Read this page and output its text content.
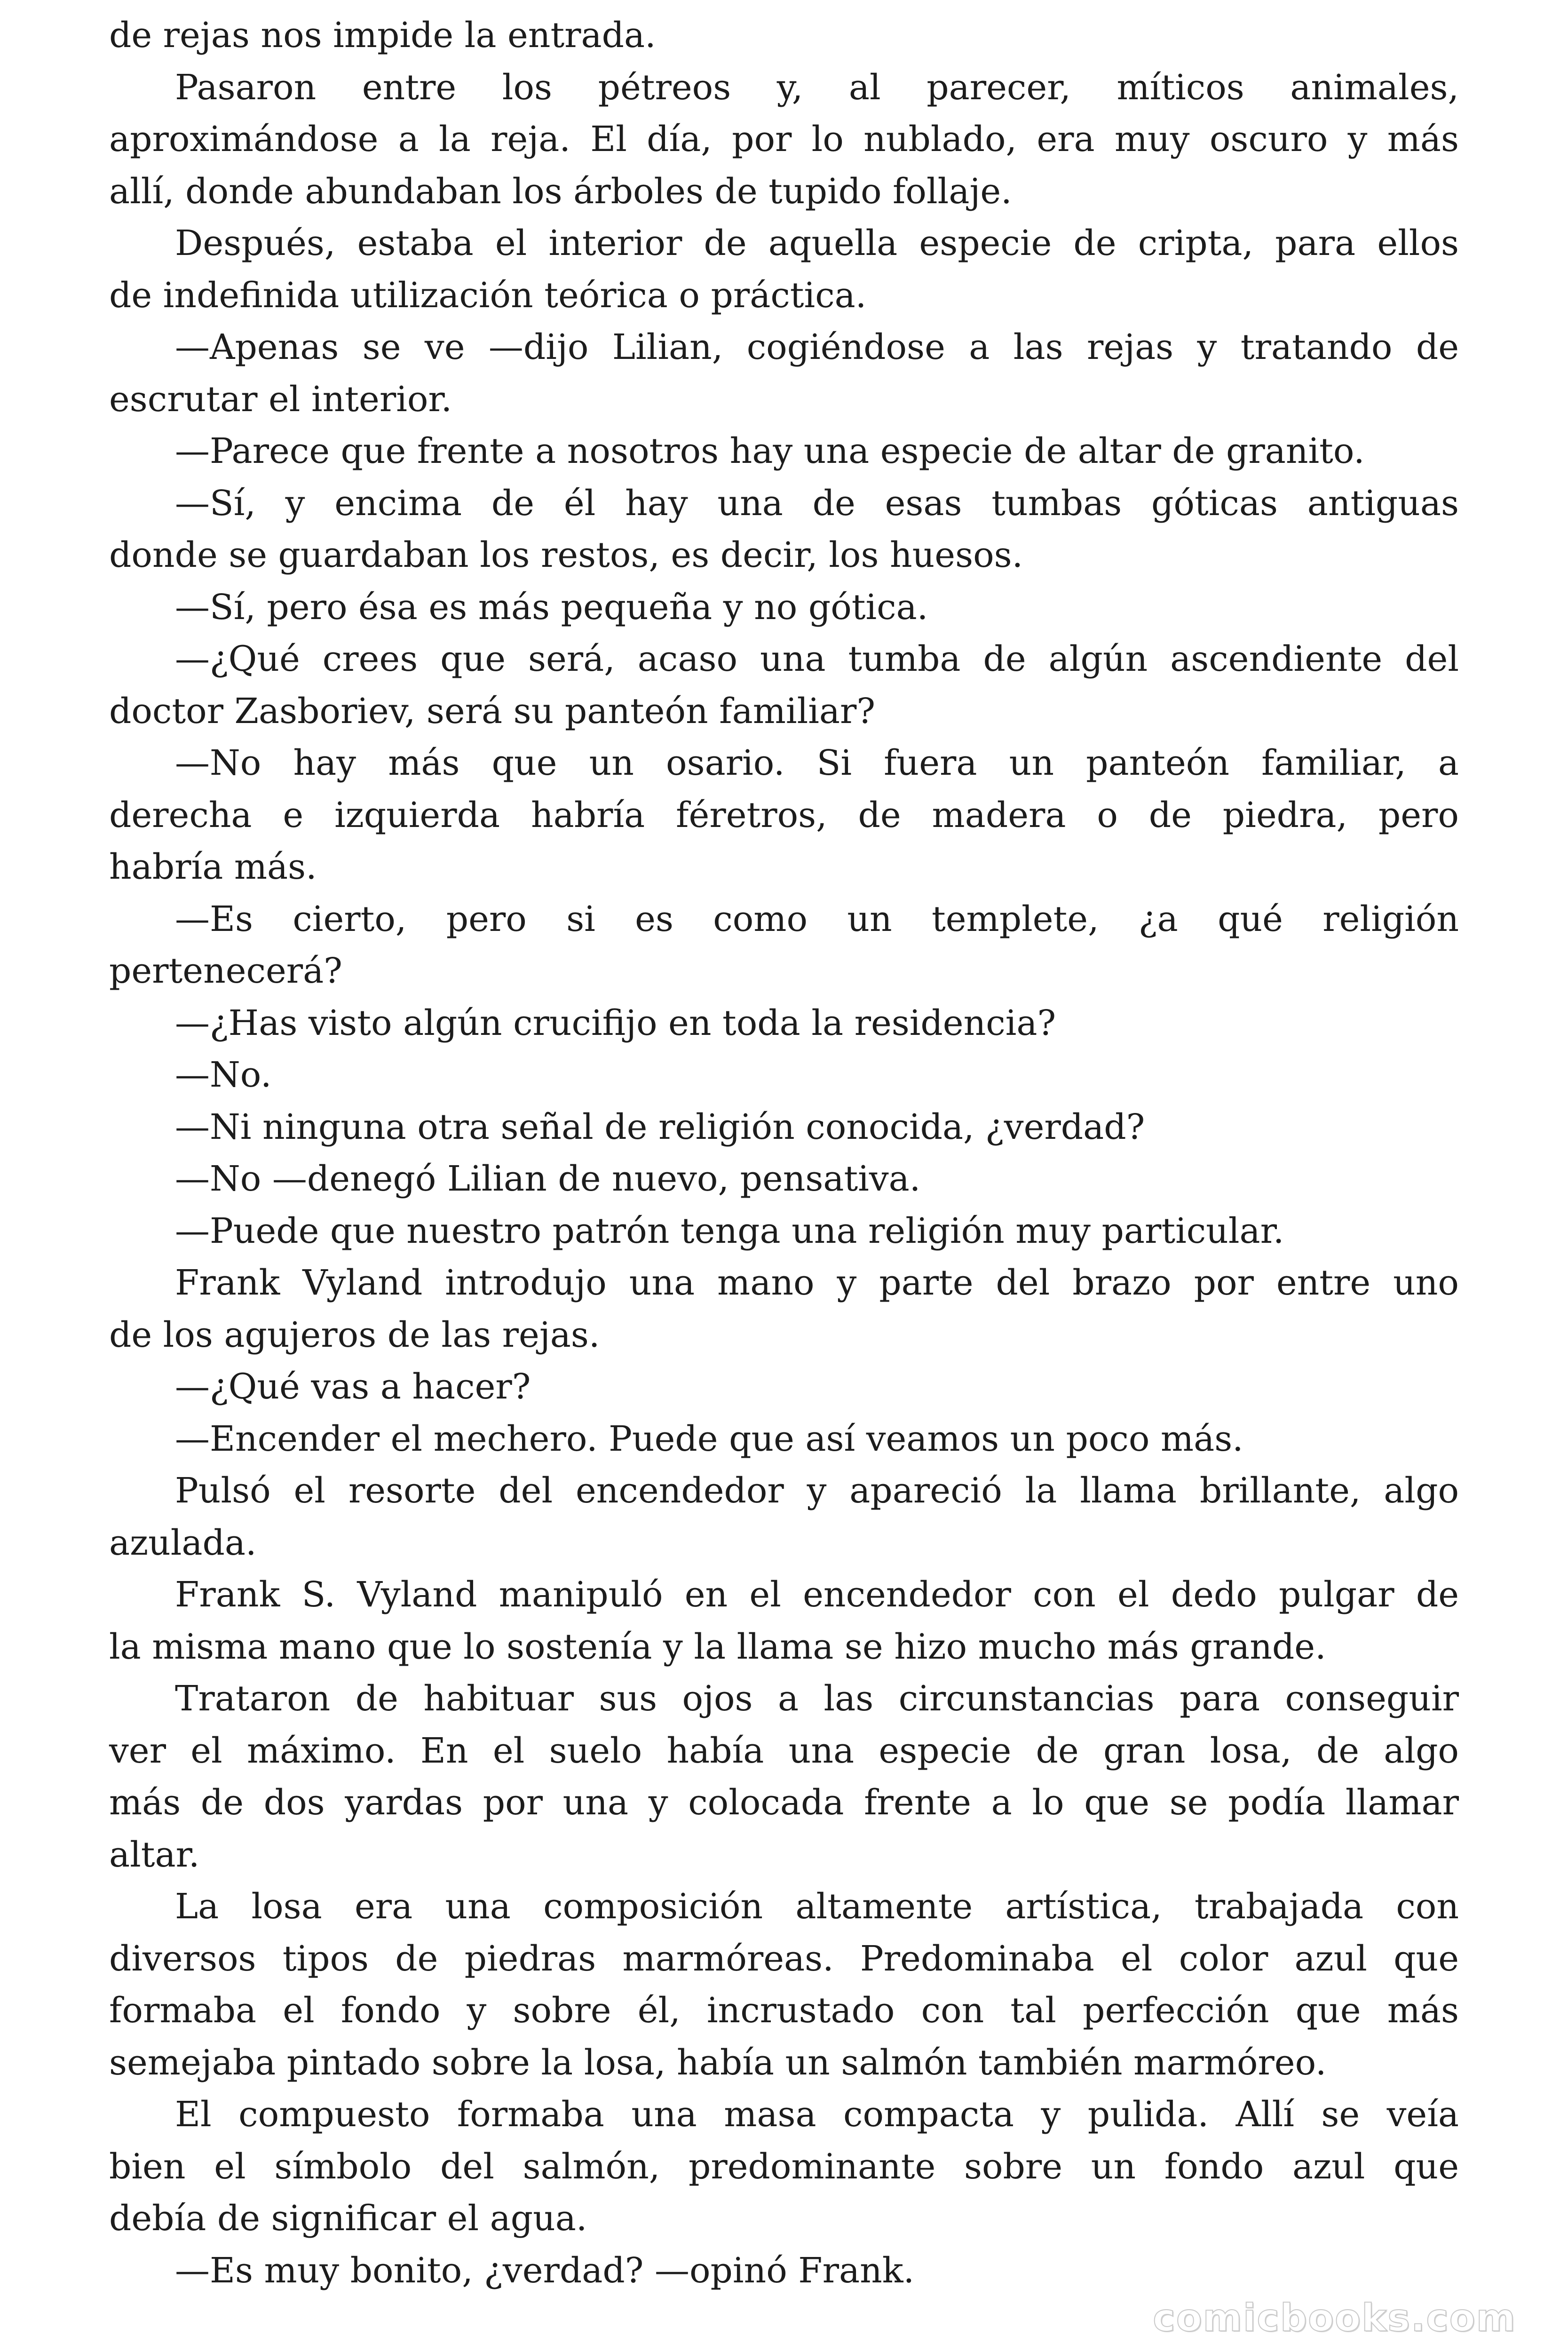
de rejas nos impide la entrada.

Pasaron entre los pétreos y, al parecer, míticos animales,

aproximándose a la reja. El día, por lo nublado, era muy oscuro y más

allí, donde abundaban los árboles de tupido follaje.

Después, estaba el interior de aquella especie de cripta, para ellos

de indefinida utilización teórica o práctica.

—Apenas se ve —dijo Lilian, cogiéndose a las rejas y tratando de

escrutar el interior.

—Parece que frente a nosotros hay una especie de altar de granito.

—Sí, y encima de él hay una de esas tumbas góticas antiguas

donde se guardaban los restos, es decir, los huesos.

—Sí, pero ésa es más pequeña y no gótica.

—¿Qué crees que será, acaso una tumba de algún ascendiente del

doctor Zasboriev, será su panteón familiar?

—No hay más que un osario. Si fuera un panteón familiar, a

derecha e izquierda habría féretros, de madera o de piedra, pero

habría más.

—Es cierto, pero si es como un templete, ¿a qué religión

pertenecerá?

—¿Has visto algún crucifijo en toda la residencia?

—No.

—Ni ninguna otra señal de religión conocida, ¿verdad?

—No —denegó Lilian de nuevo, pensativa.

—Puede que nuestro patrón tenga una religión muy particular.

Frank Vyland introdujo una mano y parte del brazo por entre uno

de los agujeros de las rejas.

—¿Qué vas a hacer?

—Encender el mechero. Puede que así veamos un poco más.

Pulsó el resorte del encendedor y apareció la llama brillante, algo

azulada.

Frank S. Vyland manipuló en el encendedor con el dedo pulgar de

la misma mano que lo sostenía y la llama se hizo mucho más grande.

Trataron de habituar sus ojos a las circunstancias para conseguir

ver el máximo. En el suelo había una especie de gran losa, de algo

más de dos yardas por una y colocada frente a lo que se podía llamar

altar.

La losa era una composición altamente artística, trabajada con

diversos tipos de piedras marmóreas. Predominaba el color azul que

formaba el fondo y sobre él, incrustado con tal perfección que más

semejaba pintado sobre la losa, había un salmón también marmóreo.

El compuesto formaba una masa compacta y pulida. Allí se veía

bien el símbolo del salmón, predominante sobre un fondo azul que

debía de significar el agua.

—Es muy bonito, ¿verdad? —opinó Frank.

comicbooks.com
